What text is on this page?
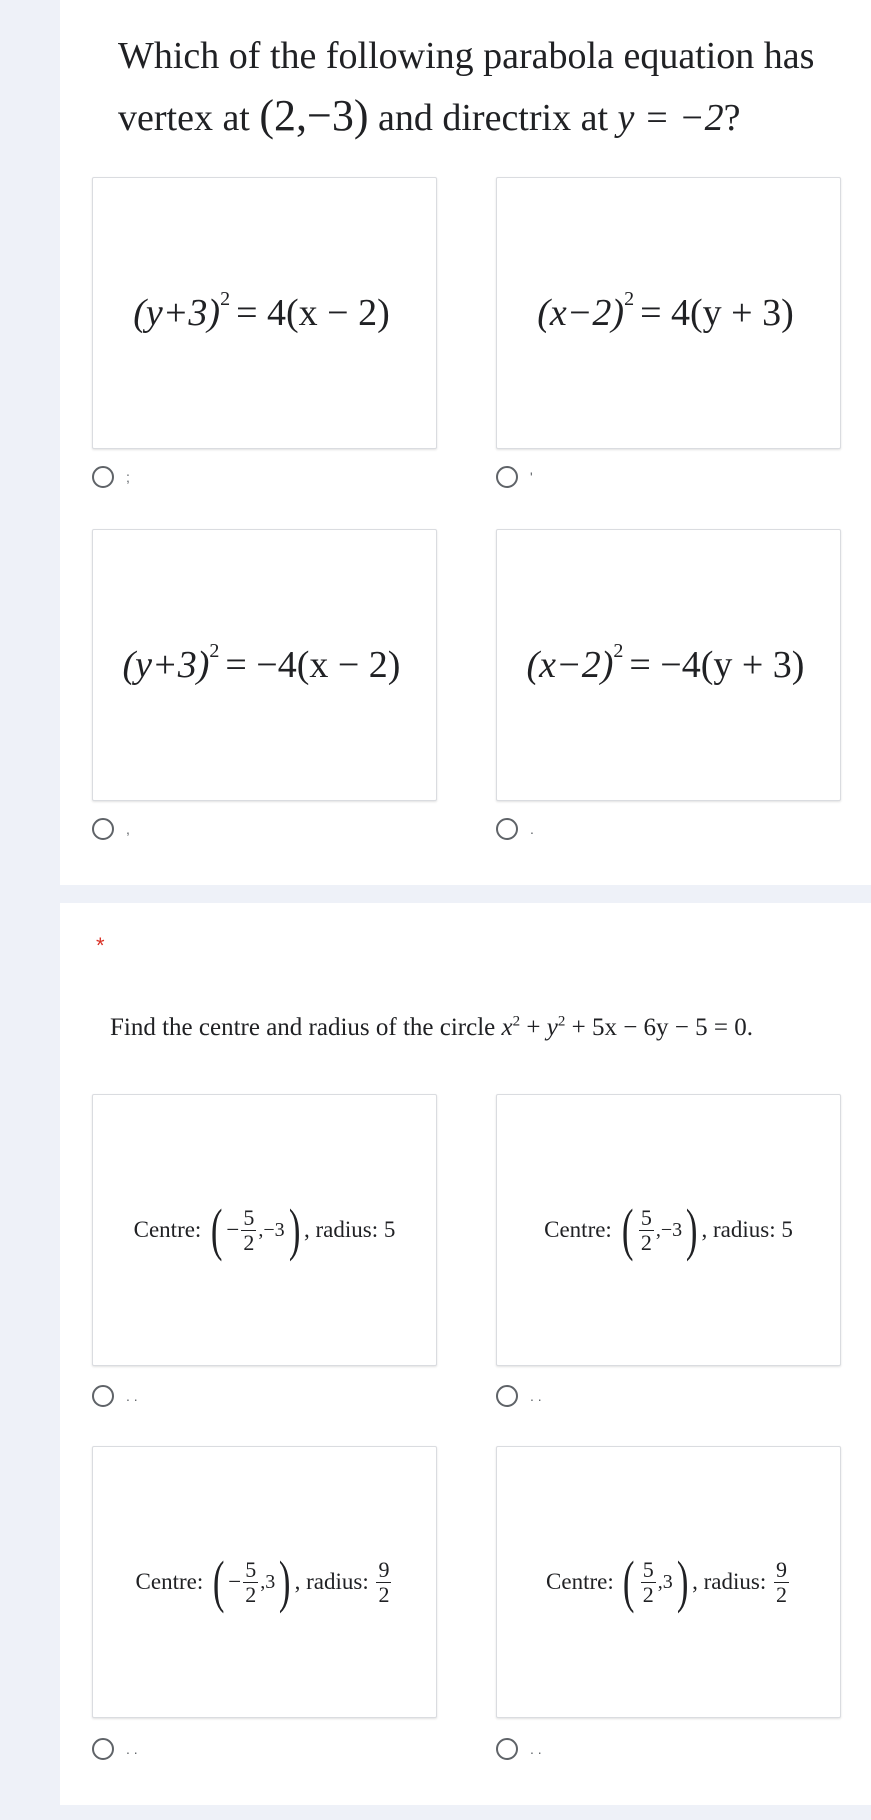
Which of the following parabola equation has
vertex at (2,−3) and directrix at y = −2?
$(y+3)^2 = 4(x - 2)$
;
$(x-2)^2 = 4(y + 3)$
'
$(y+3)^2 = -4(x - 2)$
,
$(x-2)^2 = -4(y + 3)$
.
*
Find the centre and radius of the circle $x^2 + y^2 + 5x - 6y - 5 = 0$.
Centre:
( − $\frac{5}{2} ,-3$ ) , radius:
5
. .
Centre:
( $\frac{5}{2} ,-3$ ) , radius:
5
. .
Centre:
( − $\frac{5}{2} ,3$ ) , radius:
$\frac{9}{2}$
. .
Centre:
( $\frac{5}{2} ,3$ ) , radius:
$\frac{9}{2}$
. .
